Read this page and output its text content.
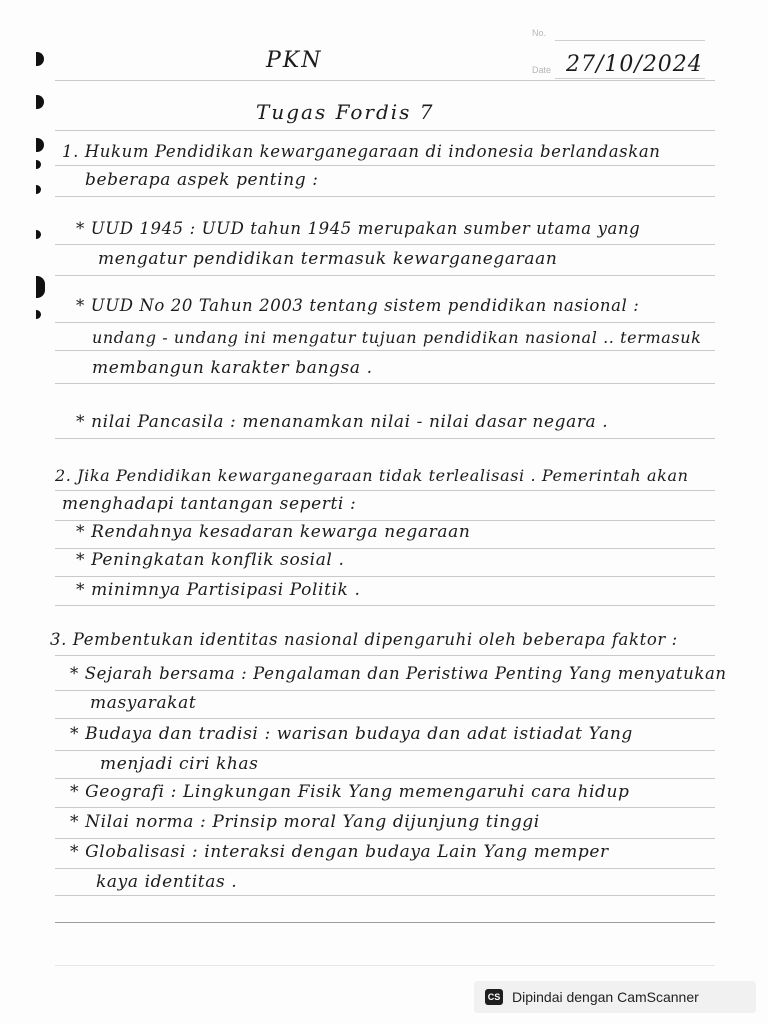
No.
Date
PKN	27/10/2024
Tugas Fordis 7
1. Hukum Pendidikan kewarganegaraan di indonesia berlandaskan
beberapa aspek penting :
* UUD 1945 : UUD tahun 1945 merupakan sumber utama yang
mengatur pendidikan termasuk kewarganegaraan
* UUD No 20 Tahun 2003 tentang sistem pendidikan nasional :
undang - undang ini mengatur tujuan pendidikan nasional .. termasuk
membangun karakter bangsa .
* nilai Pancasila : menanamkan nilai - nilai dasar negara .
2. Jika Pendidikan kewarganegaraan tidak terlealisasi . Pemerintah akan
menghadapi tantangan seperti :
* Rendahnya kesadaran kewarga negaraan
* Peningkatan konflik sosial .
* minimnya Partisipasi Politik .
3. Pembentukan identitas nasional dipengaruhi oleh beberapa faktor :
* Sejarah bersama : Pengalaman dan Peristiwa Penting Yang menyatukan
masyarakat
* Budaya dan tradisi : warisan budaya dan adat istiadat Yang
menjadi ciri khas
* Geografi : Lingkungan Fisik Yang memengaruhi cara hidup
* Nilai norma : Prinsip moral Yang dijunjung tinggi
* Globalisasi : interaksi dengan budaya Lain Yang memper
kaya identitas .
CS Dipindai dengan CamScanner
